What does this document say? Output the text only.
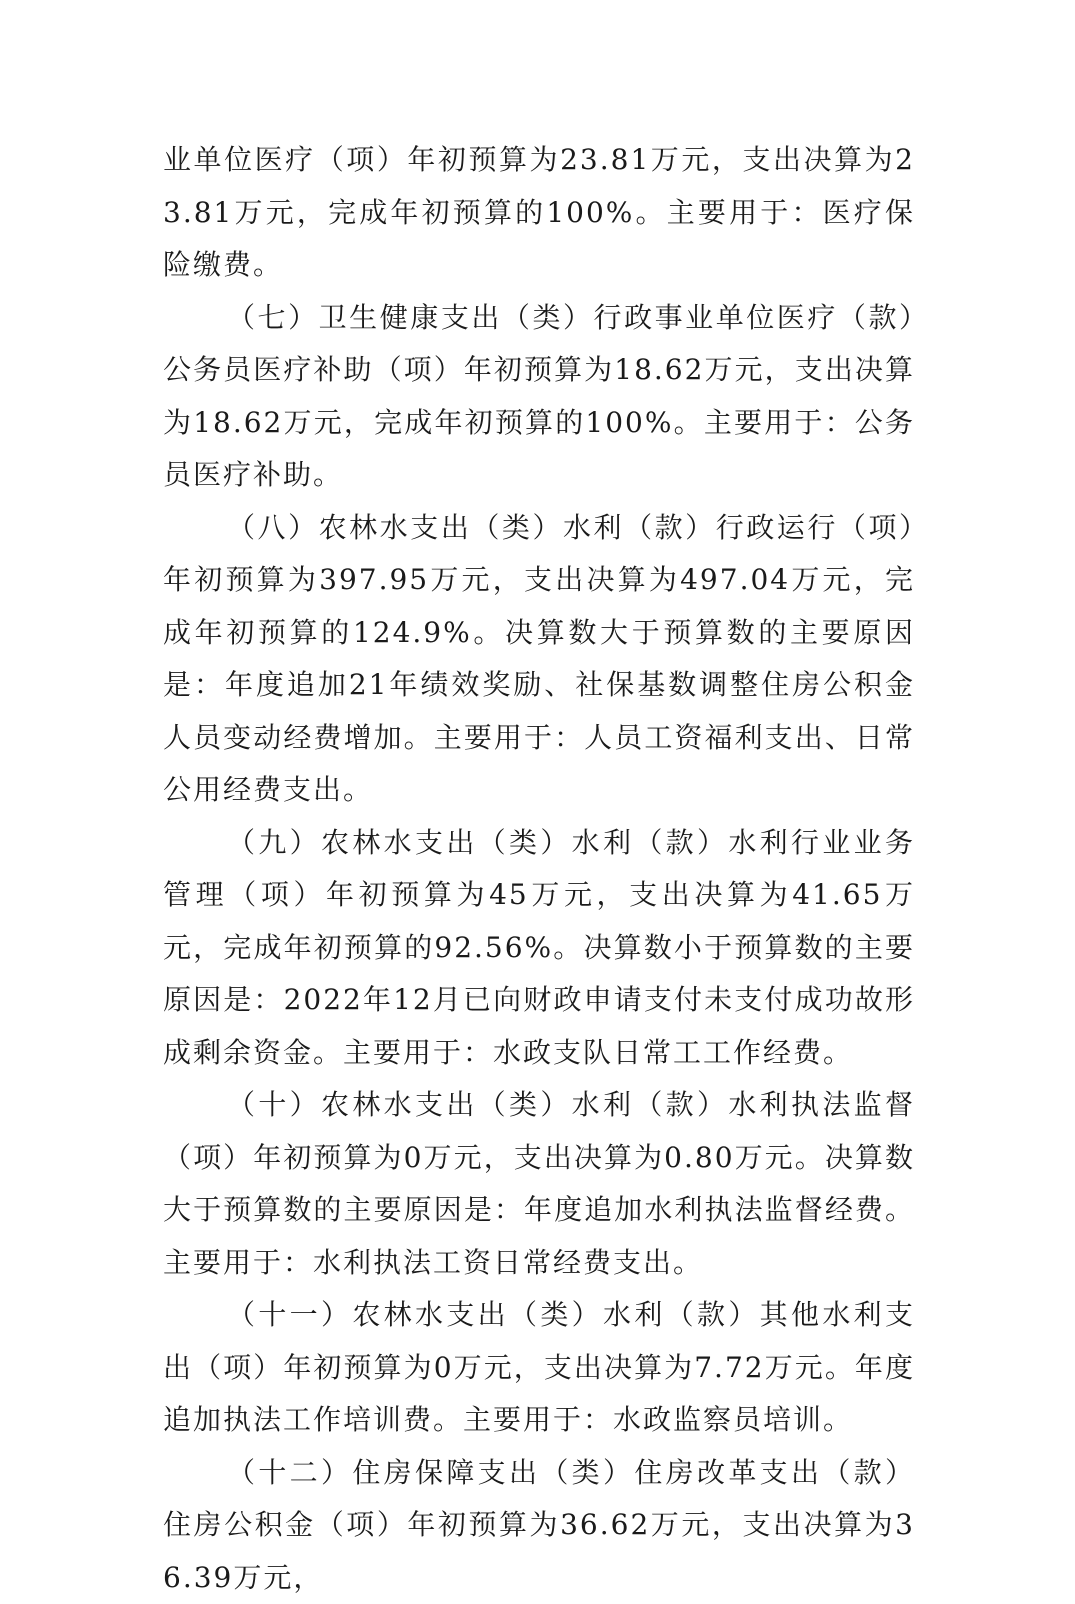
业单位医疗（项）年初预算为23.81万元，支出决算为23.81万元，完成年初预算的100%。主要用于：医疗保险缴费。

（七）卫生健康支出（类）行政事业单位医疗（款）公务员医疗补助（项）年初预算为18.62万元，支出决算为18.62万元，完成年初预算的100%。主要用于：公务员医疗补助。

（八）农林水支出（类）水利（款）行政运行（项）年初预算为397.95万元，支出决算为497.04万元，完成年初预算的124.9%。决算数大于预算数的主要原因是：年度追加21年绩效奖励、社保基数调整住房公积金人员变动经费增加。主要用于：人员工资福利支出、日常公用经费支出。

（九）农林水支出（类）水利（款）水利行业业务管理（项）年初预算为45万元，支出决算为41.65万元，完成年初预算的92.56%。决算数小于预算数的主要原因是：2022年12月已向财政申请支付未支付成功故形成剩余资金。主要用于：水政支队日常工工作经费。

（十）农林水支出（类）水利（款）水利执法监督（项）年初预算为0万元，支出决算为0.80万元。决算数大于预算数的主要原因是：年度追加水利执法监督经费。主要用于：水利执法工资日常经费支出。

（十一）农林水支出（类）水利（款）其他水利支出（项）年初预算为0万元，支出决算为7.72万元。年度追加执法工作培训费。主要用于：水政监察员培训。

（十二）住房保障支出（类）住房改革支出（款）住房公积金（项）年初预算为36.62万元，支出决算为36.39万元，
